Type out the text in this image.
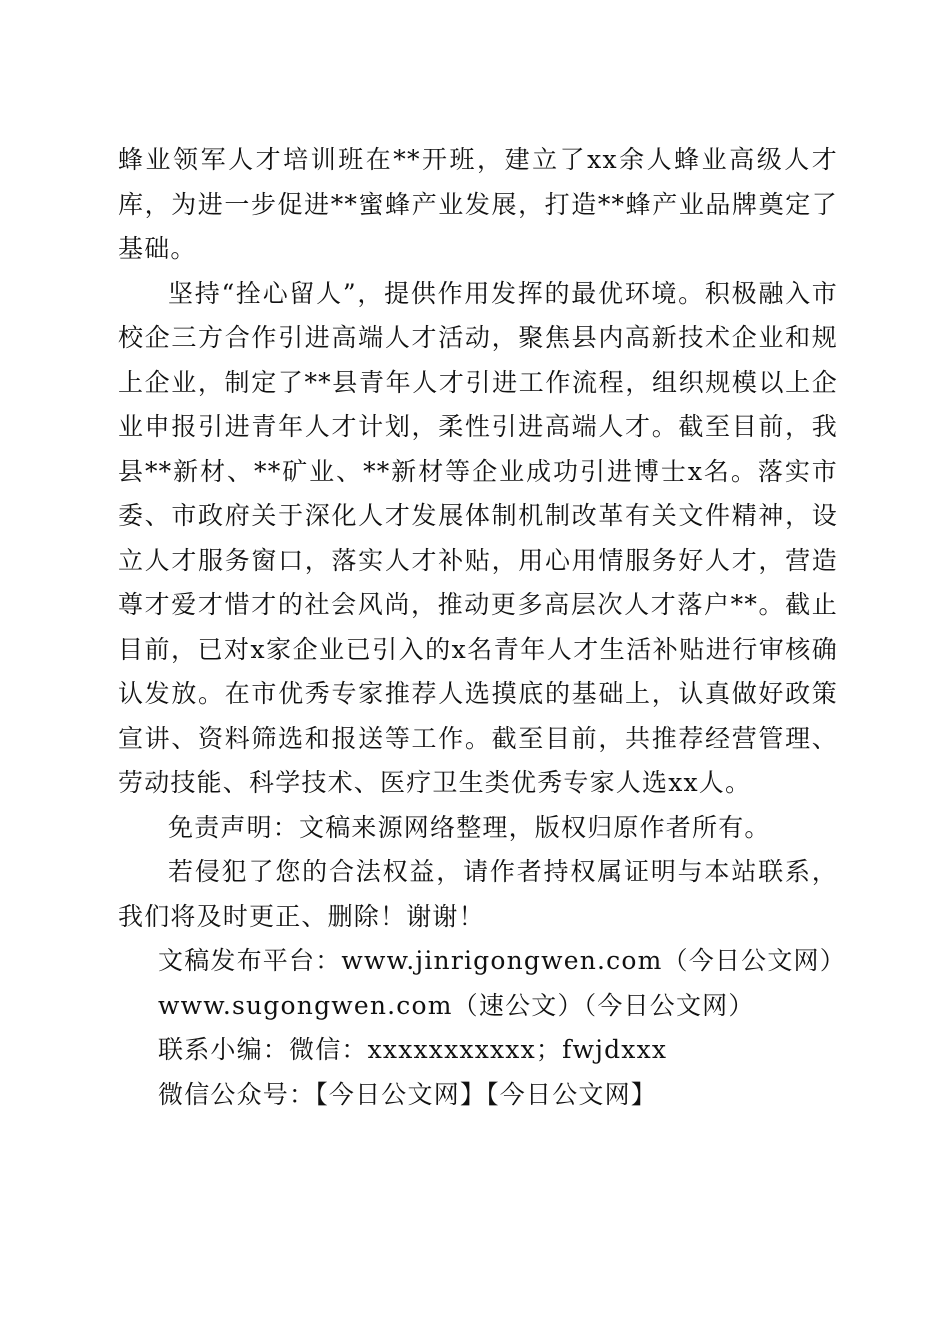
蜂业领军人才培训班在**开班，建立了xx余人蜂业高级人才库，为进一步促进**蜜蜂产业发展，打造**蜂产业品牌奠定了基础。

坚持“拴心留人”，提供作用发挥的最优环境。积极融入市校企三方合作引进高端人才活动，聚焦县内高新技术企业和规上企业，制定了**县青年人才引进工作流程，组织规模以上企业申报引进青年人才计划，柔性引进高端人才。截至目前，我县**新材、**矿业、**新材等企业成功引进博士x名。落实市委、市政府关于深化人才发展体制机制改革有关文件精神，设立人才服务窗口，落实人才补贴，用心用情服务好人才，营造尊才爱才惜才的社会风尚，推动更多高层次人才落户**。截止目前，已对x家企业已引入的x名青年人才生活补贴进行审核确认发放。在市优秀专家推荐人选摸底的基础上，认真做好政策宣讲、资料筛选和报送等工作。截至目前，共推荐经营管理、劳动技能、科学技术、医疗卫生类优秀专家人选xx人。

免责声明：文稿来源网络整理，版权归原作者所有。

若侵犯了您的合法权益，请作者持权属证明与本站联系，我们将及时更正、删除！谢谢！

文稿发布平台：www.jinrigongwen.com（今日公文网）
www.sugongwen.com（速公文）（今日公文网）
联系小编：微信：xxxxxxxxxxx；fwjdxxx
微信公众号：【今日公文网】【今日公文网】
